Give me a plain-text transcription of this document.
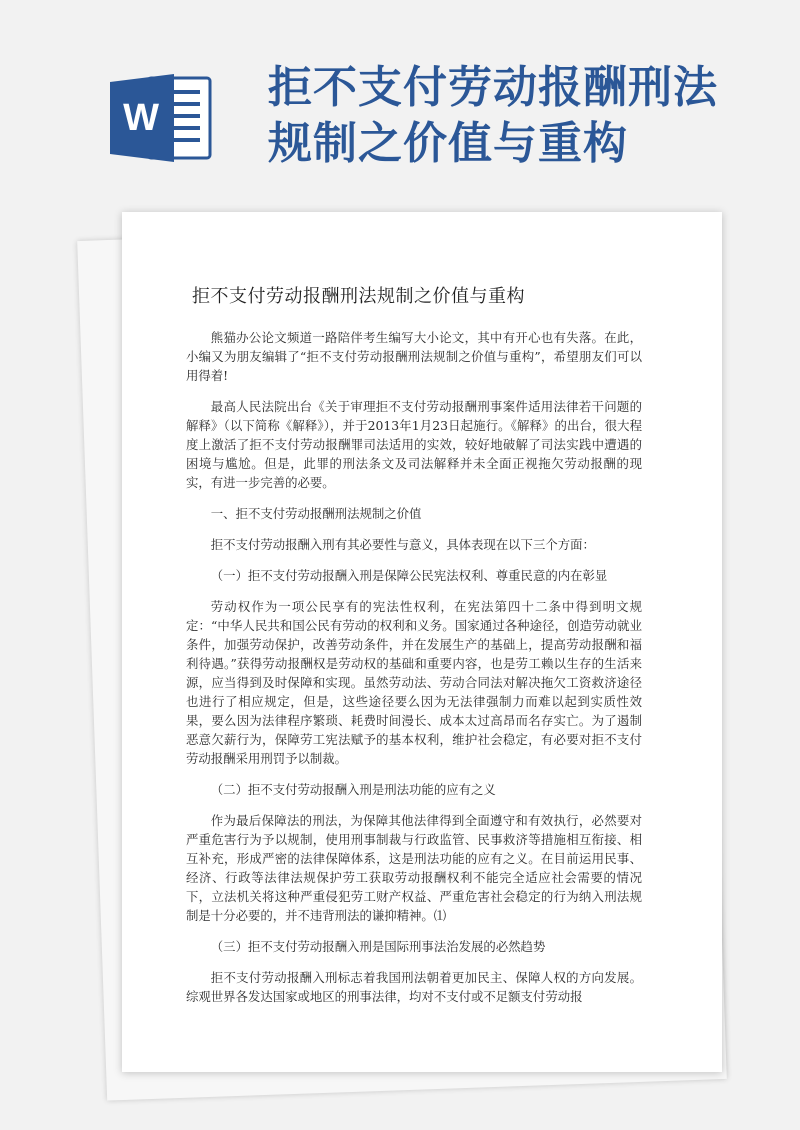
W
拒不支付劳动报酬刑法
规制之价值与重构
拒不支付劳动报酬刑法规制之价值与重构

熊猫办公论文频道一路陪伴考生编写大小论文，其中有开心也有失落。在此，小编又为朋友编辑了“拒不支付劳动报酬刑法规制之价值与重构”，希望朋友们可以用得着!

最高人民法院出台《关于审理拒不支付劳动报酬刑事案件适用法律若干问题的解释》（以下简称《解释》），并于2013年1月23日起施行。《解释》的出台，很大程度上激活了拒不支付劳动报酬罪司法适用的实效，较好地破解了司法实践中遭遇的困境与尴尬。但是，此罪的刑法条文及司法解释并未全面正视拖欠劳动报酬的现实，有进一步完善的必要。

一、拒不支付劳动报酬刑法规制之价值

拒不支付劳动报酬入刑有其必要性与意义，具体表现在以下三个方面：

（一）拒不支付劳动报酬入刑是保障公民宪法权利、尊重民意的内在彰显

劳动权作为一项公民享有的宪法性权利，在宪法第四十二条中得到明文规定：“中华人民共和国公民有劳动的权利和义务。国家通过各种途径，创造劳动就业条件，加强劳动保护，改善劳动条件，并在发展生产的基础上，提高劳动报酬和福利待遇。”获得劳动报酬权是劳动权的基础和重要内容，也是劳工赖以生存的生活来源，应当得到及时保障和实现。虽然劳动法、劳动合同法对解决拖欠工资救济途径也进行了相应规定，但是，这些途径要么因为无法律强制力而难以起到实质性效果，要么因为法律程序繁琐、耗费时间漫长、成本太过高昂而名存实亡。为了遏制恶意欠薪行为，保障劳工宪法赋予的基本权利，维护社会稳定，有必要对拒不支付劳动报酬采用刑罚予以制裁。

（二）拒不支付劳动报酬入刑是刑法功能的应有之义

作为最后保障法的刑法，为保障其他法律得到全面遵守和有效执行，必然要对严重危害行为予以规制，使用刑事制裁与行政监管、民事救济等措施相互衔接、相互补充，形成严密的法律保障体系，这是刑法功能的应有之义。在目前运用民事、经济、行政等法律法规保护劳工获取劳动报酬权利不能完全适应社会需要的情况下，立法机关将这种严重侵犯劳工财产权益、严重危害社会稳定的行为纳入刑法规制是十分必要的，并不违背刑法的谦抑精神。⑴

（三）拒不支付劳动报酬入刑是国际刑事法治发展的必然趋势

拒不支付劳动报酬入刑标志着我国刑法朝着更加民主、保障人权的方向发展。综观世界各发达国家或地区的刑事法律，均对不支付或不足额支付劳动报
